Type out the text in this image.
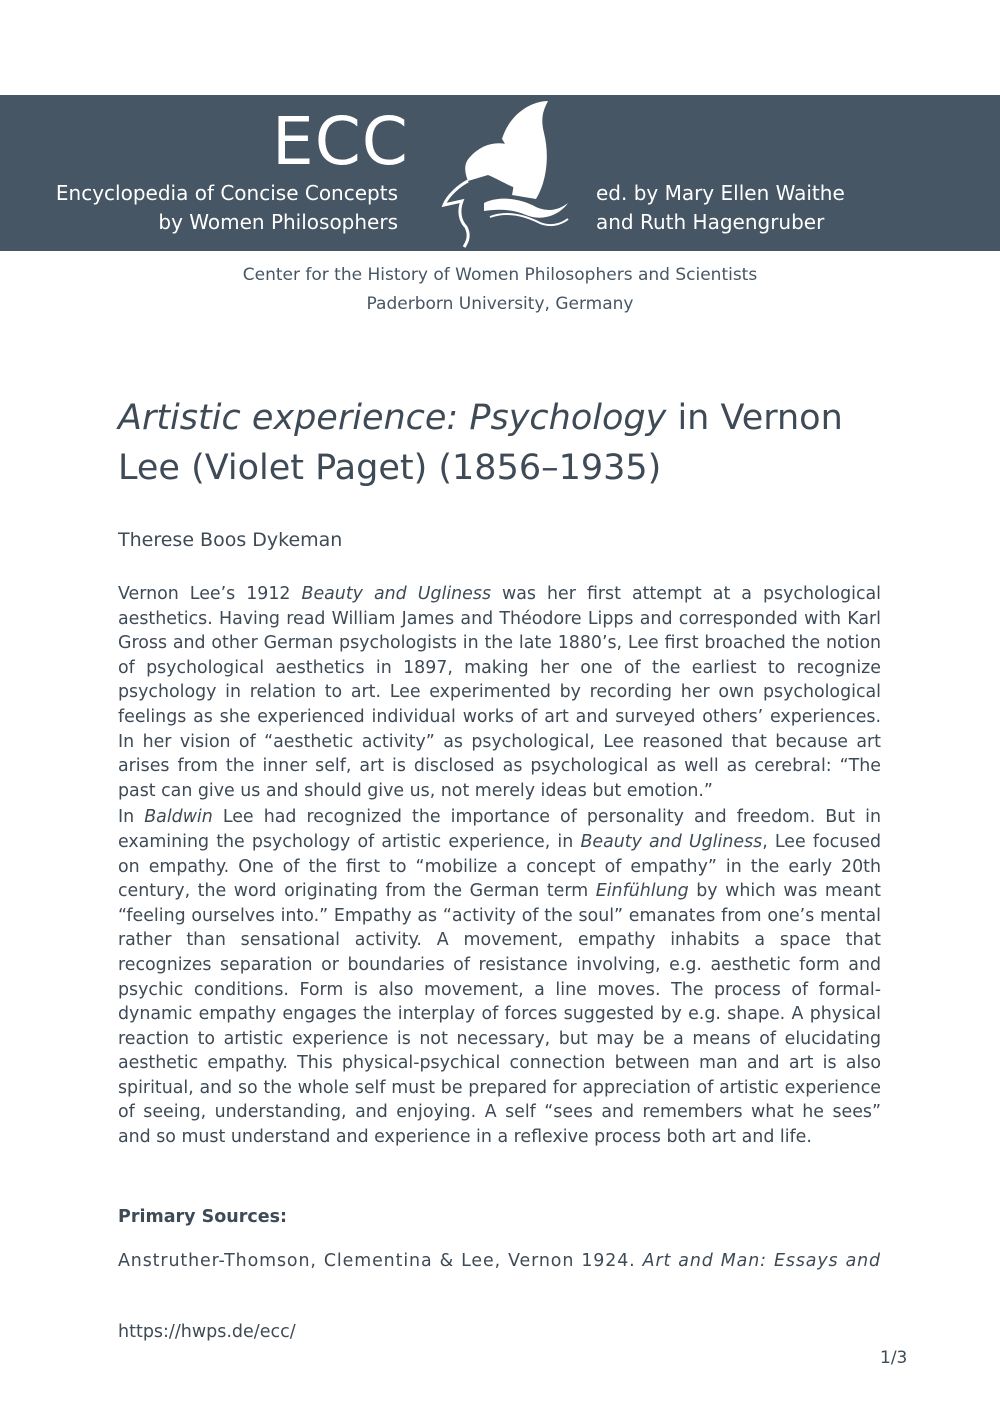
ECC
Encyclopedia of Concise Concepts
by Women Philosophers
ed. by Mary Ellen Waithe
and Ruth Hagengruber
Center for the History of Women Philosophers and Scientists
Paderborn University, Germany
Artistic experience: Psychology in Vernon Lee (Violet Paget) (1856–1935)
Therese Boos Dykeman

Vernon Lee’s 1912 Beauty and Ugliness was her first attempt at a psychological aesthetics. Having read William James and Théodore Lipps and corresponded with Karl Gross and other German psychologists in the late 1880’s, Lee first broached the notion of psychological aesthetics in 1897, making her one of the earliest to recognize psychology in relation to art. Lee experimented by recording her own psychological feelings as she experienced individual works of art and surveyed others’ experiences. In her vision of “aesthetic activity” as psychological, Lee reasoned that because art arises from the inner self, art is disclosed as psychological as well as cerebral: “The past can give us and should give us, not merely ideas but emotion.”

In Baldwin Lee had recognized the importance of personality and freedom. But in examining the psychology of artistic experience, in Beauty and Ugliness, Lee focused on empathy. One of the first to “mobilize a concept of empathy” in the early 20th century, the word originating from the German term Einfühlung by which was meant “feeling ourselves into.” Empathy as “activity of the soul” emanates from one’s mental rather than sensational activity. A movement, empathy inhabits a space that recognizes separation or boundaries of resistance involving, e.g. aesthetic form and psychic conditions. Form is also movement, a line moves. The process of formal-dynamic empathy engages the interplay of forces suggested by e.g. shape. A physical reaction to artistic experience is not necessary, but may be a means of elucidating aesthetic empathy. This physical-psychical connection between man and art is also spiritual, and so the whole self must be prepared for appreciation of artistic experience of seeing, understanding, and enjoying. A self “sees and remembers what he sees” and so must understand and experience in a reflexive process both art and life.

Primary Sources:
Anstruther-Thomson, Clementina & Lee, Vernon 1924. Art and Man: Essays and
https://hwps.de/ecc/
1/3
